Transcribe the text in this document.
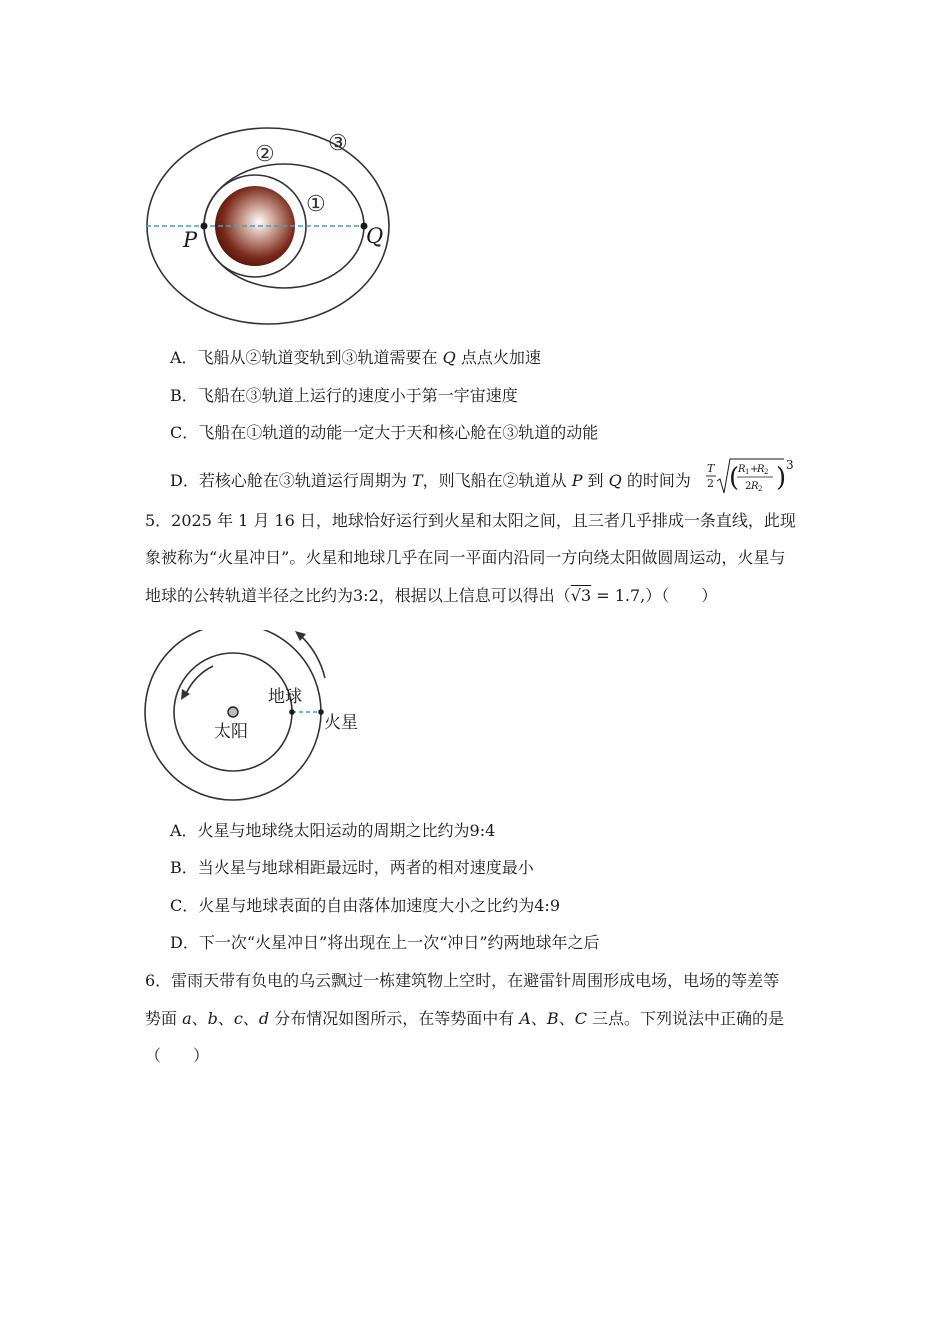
①
② ③
P	Q
A．飞船从②轨道变轨到③轨道需要在 Q 点点火加速
B．飞船在③轨道上运行的速度小于第一宇宙速度
C．飞船在①轨道的动能一定大于天和核心舱在③轨道的动能
D．若核心舱在③轨道运行周期为 T，则飞船在②轨道从 P 到 Q 的时间为
T
2 ( )
R 1 +
R 2
2 R 2
3
5．2025 年 1 月 16 日，地球恰好运行到火星和太阳之间，且三者几乎排成一条直线，此现
象被称为“火星冲日”。火星和地球几乎在同一平面内沿同一方向绕太阳做圆周运动，火星与
地球的公转轨道半径之比约为3:2，根据以上信息可以得出（√3 = 1.7,）（　　）
太阳
地球
火星
A．火星与地球绕太阳运动的周期之比约为9:4
B．当火星与地球相距最远时，两者的相对速度最小
C．火星与地球表面的自由落体加速度大小之比约为4:9
D．下一次“火星冲日”将出现在上一次“冲日”约两地球年之后
6．雷雨天带有负电的乌云飘过一栋建筑物上空时，在避雷针周围形成电场，电场的等差等
势面 a、b、c、d 分布情况如图所示，在等势面中有 A、B、C 三点。下列说法中正确的是
（　　）
